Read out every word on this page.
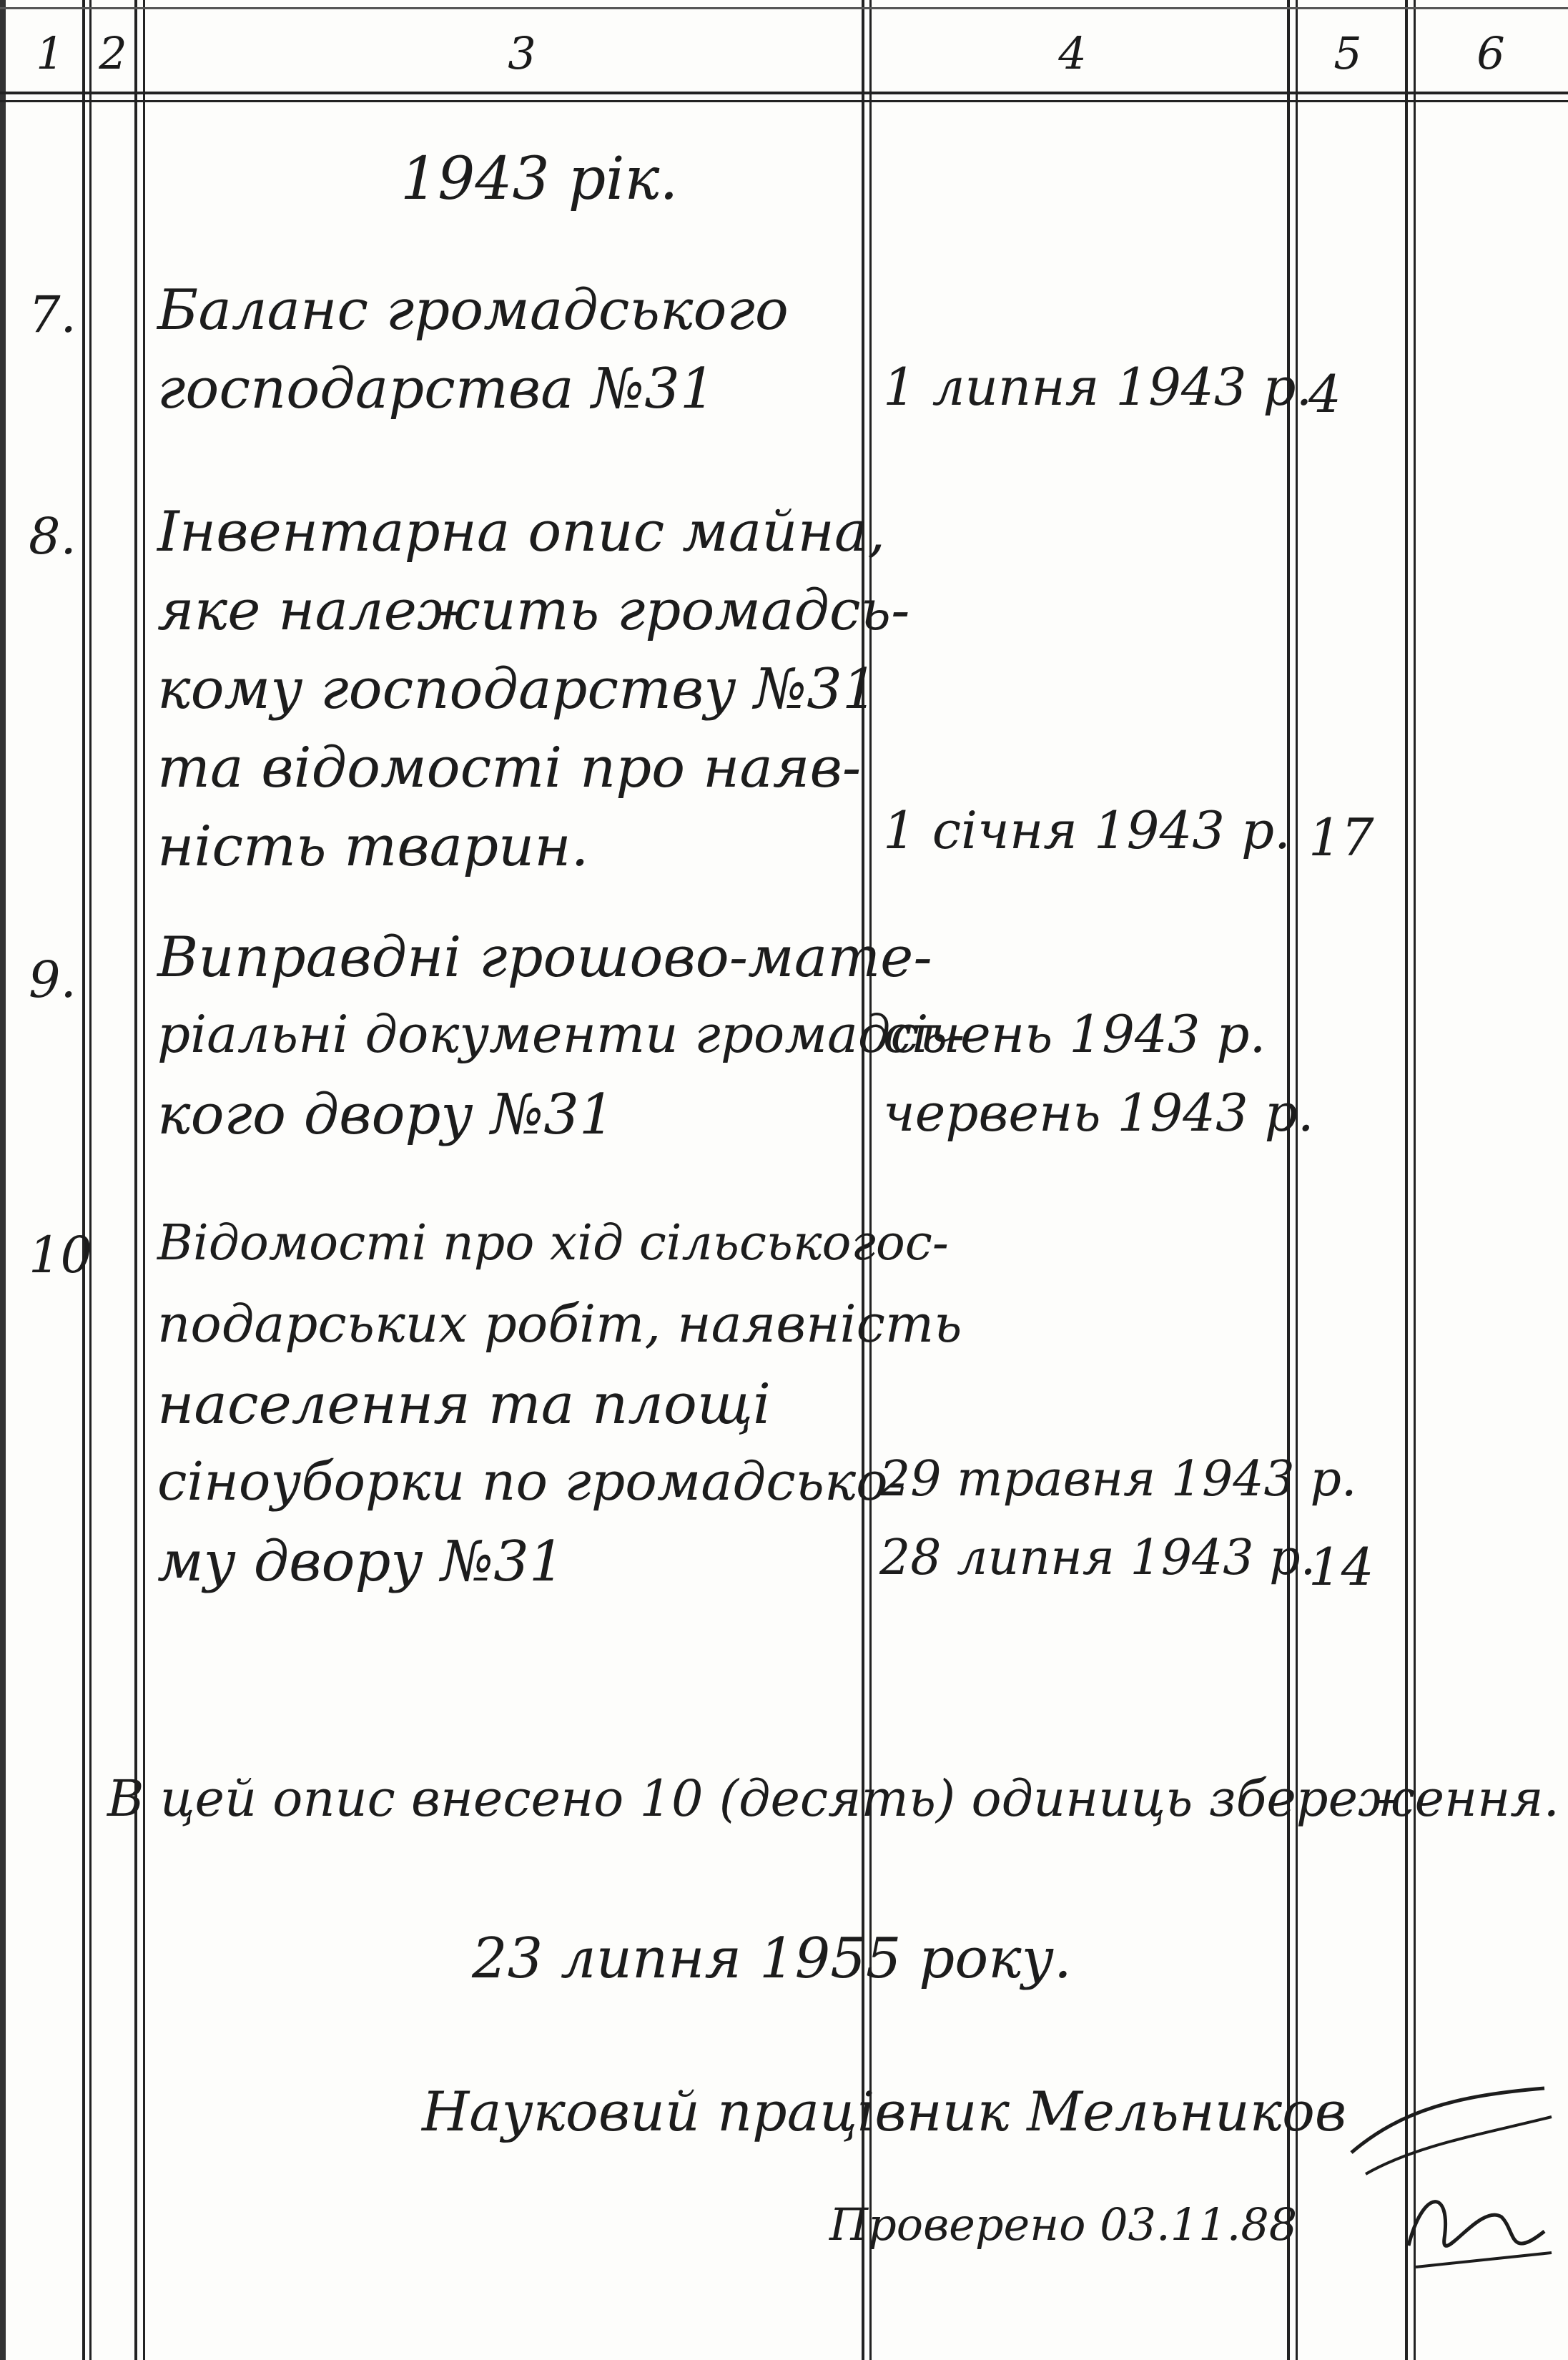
1 2	3	4	5	6
1943 рік.
7. Баланс громадського
господарства №31	1 липня 1943 р.
4
8. Інвентарна опис майна,
яке належить громадсь-
кому господарству №31
та відомості про наяв-
ність тварин.	1 січня 1943 р. 17
9. Виправдні грошово-мате-
ріальні документи громадсь-
кого двору №31
січень 1943 р.
червень 1943 р.
10 Відомості про хід сільськогос-
подарських робіт, наявність
населення та площі
сіноуборки по громадсько-
му двору №31
29 травня 1943 р.
28 липня 1943 р.
14
В цей опис внесено 10 (десять) одиниць збереження.
23 липня 1955 року.
Науковий працівник Мельников
Проверено 03.11.88
